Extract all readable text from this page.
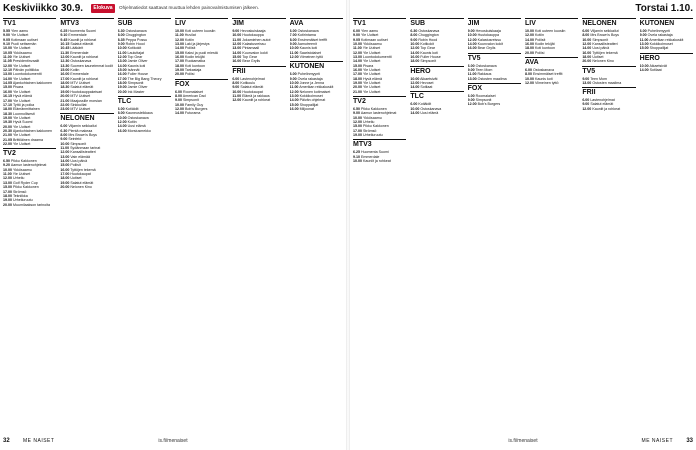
Keskiviikko 30.9.	Elokuva	Ohjelmatiedot saattavat muuttua lehden painovalmistumisen jälkeen.
TV1
5.55 Ylen aamu
9.00 Yle Uutiset
9.05 Kotimaan uutiset
9.10 Puoli seitsemän
10.00 Yle Uutiset
10.05 Ykkösaamu
11.00 Yle Uutiset
11.05 Presidentinvaalit
12.00 Yle Uutiset
12.10 Päivän politiikka
13.00 Luontodokumentti
14.00 Yle Uutiset
14.05 Ajankohtainen kakkonen
15.00 Pisara
16.00 Yle Uutiset
16.15 Hyvä elämä
17.00 Yle Uutiset
17.10 Tyttö ja poika
18.00 Elämänmittainen
18.30 Luonnollisesti
19.00 Yle Uutiset
19.30 Hyvä Suomi
20.00 Yle Uutiset
20.30 Ajankohtainen kakkonen
21.00 Yle Uutiset
21.05 Brittiläinen draama
22.00 Yle Uutiset
TV2
6.50 Pikku Kakkonen
9.20 Aamun lastenohjelmat
10.00 Ykkösaamu
11.00 Yle Uutiset
12.00 Urheilu
13.00 Golf Ryder Cup
15.00 Pikku Kakkonen
17.00 Strömsö
18.00 Tekniikka
19.00 Urheiluruutu
20.00 Muumilaakson tarinoita
MTV3
6.25 Huomenta Suomi
9.10 Emmerdale
9.45 Kauniit ja rohkeat
10.15 Salatut elämät
10.45 Lääkärit
11.30 Emmerdale
12.00 Kauniit ja rohkeat
12.30 Ostoskanava
13.30 Suomen kauneimmat kodit
15.00 Kotiin
16.00 Emmerdale
17.00 Kauniit ja rohkeat
18.00 MTV Uutiset
18.30 Salatut elämät
19.00 Huutokauppakeisari
20.00 MTV Uutiset
21.00 Maajussille morsian
22.00 Sinkkuillat
23.00 MTV Uutiset
NELONEN
6.00 Viljamin seikkailut
6.30 Pientä makeaa
8.00 Mrs Brown's Boys
9.00 Seinfeld
10.00 Simpsonit
11.00 Sydänmaan tarinat
12.00 Kansallisteatteri
13.00 Vain elämää
14.00 Uusi päivä
15.00 Poliisit
16.00 Tyttöjen tekemä
17.00 Huutokaupat
18.00 Uutiset
19.00 Salatut elämät
20.00 Nelonen Kino
SUB
6.30 Ostoskanava
8.00 Chuggington
8.35 Peppa Possu
9.00 Robin Hood
10.00 Kotikokit
11.00 Lauluttajat
12.00 Top Gear
13.00 Jamie Oliver
14.00 Kaunis koti
15.00 Isännät
16.00 Fuller House
17.00 The Big Bang Theory
18.00 Simpsonit
19.00 Jamie Oliver
20.00 Ink Master
TLC
6.00 Kotiäidit
8.00 Kauneusleikkaus
10.00 Ostoskanava
12.00 Kotiin
14.00 Uusi elämä
16.00 Morsiusmekko
LIV
10.00 Koti uuteen kuosiin
11.00 Huvilat
12.00 Kotiin
13.00 Laki ja järjestys
14.00 Poliisit
15.00 Kaksi ja puoli miestä
16.00 Kodin tekijät
17.00 Ruokamatka
18.00 Koti kuntoon
19.00 Tarkastaja
20.00 Poliisi
FOX
6.00 Roomalaiset
8.00 American Dad
9.00 Simpsonit
10.00 Family Guy
12.00 Bob's Burgers
14.00 Futurama
JIM
9.00 Hevoskuiskaaja
10.00 Huutokauppa
11.00 Jokamiehen autot
12.00 Kalastusreissu
13.00 Pintamaali
14.00 Kuunvalon kokit
15.00 Top Gear
16.00 Bear Grylls
FRII
6.00 Lastenohjelmat
8.00 Kotikoulu
9.00 Salatut elämät
10.00 Huutokaupat
11.00 Elämä ja rakkaus
12.00 Kauniit ja rohkeat
AVA
6.00 Ostoskanava
7.00 Kotirintama
8.00 Ensimmäiset treffit
9.00 Aamutreenit
10.00 Kaunis koti
11.00 Saaristolaiset
12.00 Viimeinen tyttö
KUTONEN
6.00 Puhelinmyynti
9.00 Ovela rakastaja
10.00 Jonne ja Jenna
11.00 Amerikan rekkakuskit
12.00 Nelonen kotimaiset
13.00 Kokkikolmoset
14.00 Päivän ohjelmat
15.00 Shoppailijat
16.00 Miljoonat
32	ME NAISET	is.fi/menaiset
Torstai 1.10.
TV1
6.00 Ylen aamu
9.00 Yle Uutiset
9.05 Kotimaan uutiset
10.00 Ykkösaamu
11.00 Yle Uutiset
12.00 Yle Uutiset
13.00 Luontodokumentti
14.00 Yle Uutiset
15.00 Pisara
16.00 Yle Uutiset
17.00 Yle Uutiset
18.00 Hyvä elämä
19.00 Yle Uutiset
20.00 Yle Uutiset
21.00 Yle Uutiset
TV2
6.50 Pikku Kakkonen
9.00 Aamun lastenohjelmat
10.00 Ykkösaamu
12.00 Urheilu
15.00 Pikku Kakkonen
17.00 Strömsö
19.00 Urheiluruutu
MTV3
6.25 Huomenta Suomi
9.10 Emmerdale
10.00 Kauniit ja rohkeat
SUB
6.30 Ostoskanava
8.00 Chuggington
9.00 Robin Hood
10.00 Kotikokit
12.00 Top Gear
14.00 Kaunis koti
16.00 Fuller House
18.00 Simpsonit
HERO
10.00 Aikaetsivät
12.00 Hevoset
14.00 Sotilaat
TLC
6.00 Kotiäidit
10.00 Ostoskanava
14.00 Uusi elämä
JIM
9.00 Hevoskuiskaaja
10.00 Huutokauppa
12.00 Kalastusreissu
14.00 Kuunvalon kokit
16.00 Bear Grylls
TV5
6.00 Ostoskanava
9.00 Teen Mom
11.00 Rakkaus
13.00 Ostosten maailma
FOX
6.00 Roomalaiset
9.00 Simpsonit
12.00 Bob's Burgers
LIV
10.00 Koti uuteen kuosiin
12.00 Kotiin
14.00 Poliisit
16.00 Kodin tekijät
18.00 Koti kuntoon
20.00 Poliisi
AVA
6.00 Ostoskanava
8.00 Ensimmäiset treffit
10.00 Kaunis koti
12.00 Viimeinen tyttö
NELONEN
6.00 Viljamin seikkailut
8.00 Mrs Brown's Boys
10.00 Simpsonit
12.00 Kansallisteatteri
14.00 Uusi päivä
16.00 Tyttöjen tekemä
18.00 Uutiset
20.00 Nelonen Kino
TV5
9.00 Teen Mom
13.00 Ostosten maailma
FRII
6.00 Lastenohjelmat
9.00 Salatut elämät
12.00 Kauniit ja rohkeat
KUTONEN
6.00 Puhelinmyynti
9.00 Ovela rakastaja
11.00 Amerikan rekkakuskit
13.00 Kokkikolmoset
15.00 Shoppailijat
HERO
10.00 Aikaetsivät
14.00 Sotilaat
33
ME NAISET
is.fi/menaiset
